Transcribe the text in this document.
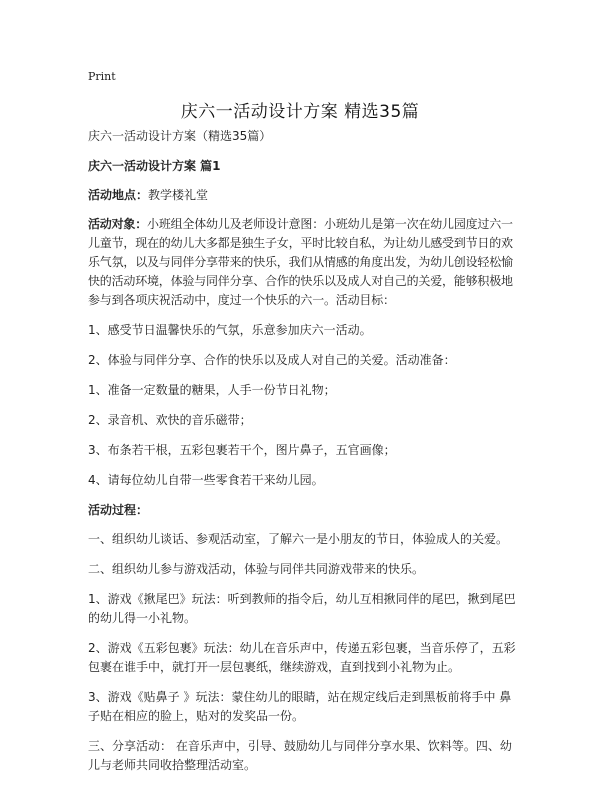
Print
庆六一活动设计方案 精选35篇

庆六一活动设计方案（精选35篇）

庆六一活动设计方案 篇1

活动地点：教学楼礼堂

活动对象：小班组全体幼儿及老师设计意图：小班幼儿是第一次在幼儿园度过六一儿童节，现在的幼儿大多都是独生子女，平时比较自私，为让幼儿感受到节日的欢乐气氛，以及与同伴分享带来的快乐，我们从情感的角度出发，为幼儿创设轻松愉快的活动环境，体验与同伴分享、合作的快乐以及成人对自己的关爱，能够积极地参与到各项庆祝活动中，度过一个快乐的六一。活动目标：

1、感受节日温馨快乐的气氛，乐意参加庆六一活动。

2、体验与同伴分享、合作的快乐以及成人对自己的关爱。活动准备：

1、准备一定数量的糖果，人手一份节日礼物；

2、录音机、欢快的音乐磁带；

3、布条若干根，五彩包裹若干个，图片鼻子，五官画像；

4、请每位幼儿自带一些零食若干来幼儿园。

活动过程：

一、组织幼儿谈话、参观活动室，了解六一是小朋友的节日，体验成人的关爱。

二、组织幼儿参与游戏活动，体验与同伴共同游戏带来的快乐。

1、游戏《揪尾巴》玩法：听到教师的指令后，幼儿互相揪同伴的尾巴，揪到尾巴的幼儿得一小礼物。

2、游戏《五彩包裹》玩法：幼儿在音乐声中，传递五彩包裹，当音乐停了，五彩包裹在谁手中，就打开一层包裹纸，继续游戏，直到找到小礼物为止。

3、游戏《贴鼻子 》玩法：蒙住幼儿的眼睛，站在规定线后走到黑板前将手中 鼻子贴在相应的脸上，贴对的发奖品一份。

三、分享活动： 在音乐声中，引导、鼓励幼儿与同伴分享水果、饮料等。四、幼儿与老师共同收拾整理活动室。
